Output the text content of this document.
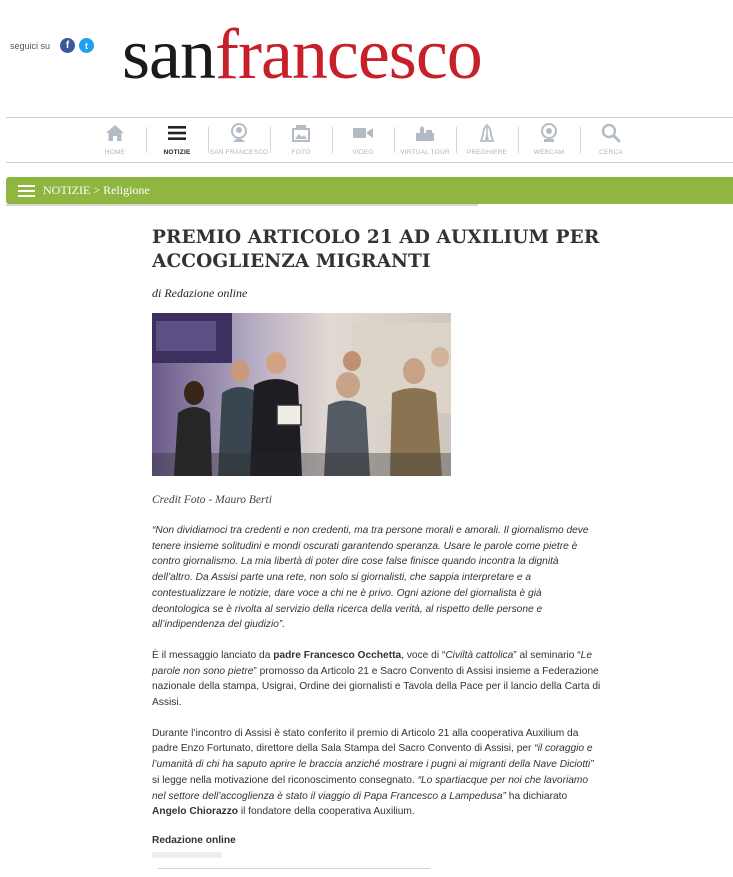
seguici su	f	t sanfrancesco
HOME	NOTIZIE	SAN FRANCESCO	FOTO	VIDEO	VIRTUAL TOUR	PREGHIERE	WEBCAM	CERCA
NOTIZIE > Religione
PREMIO ARTICOLO 21 AD AUXILIUM PER ACCOGLIENZA MIGRANTI
di Redazione online
Credit Foto - Mauro Berti
“Non dividiamoci tra credenti e non credenti, ma tra persone morali e amorali. Il giornalismo deve tenere insieme solitudini e mondi oscurati garantendo speranza. Usare le parole come pietre è contro giornalismo. La mia libertà di poter dire cose false finisce quando incontra la dignità dell’altro. Da Assisi parte una rete, non solo si giornalisti, che sappia interpretare e a contestualizzare le notizie, dare voce a chi ne è privo. Ogni azione del giornalista è già deontologica se è rivolta al servizio della ricerca della verità, al rispetto delle persone e all’indipendenza del giudizio”.
È il messaggio lanciato da padre Francesco Occhetta, voce di “Civiltà cattolica” al seminario “Le parole non sono pietre” promosso da Articolo 21 e Sacro Convento di Assisi insieme a Federazione nazionale della stampa, Usigrai, Ordine dei giornalisti e Tavola della Pace per il lancio della Carta di Assisi.
Durante l’incontro di Assisi è stato conferito il premio di Articolo 21 alla cooperativa Auxilium da padre Enzo Fortunato, direttore della Sala Stampa del Sacro Convento di Assisi, per “il coraggio e l’umanità di chi ha saputo aprire le braccia anziché mostrare i pugni ai migranti della Nave Diciotti” si legge nella motivazione del riconoscimento consegnato. “Lo spartiacque per noi che lavoriamo nel settore dell’accoglienza è stato il viaggio di Papa Francesco a Lampedusa” ha dichiarato Angelo Chiorazzo il fondatore della cooperativa Auxilium.
Redazione online
